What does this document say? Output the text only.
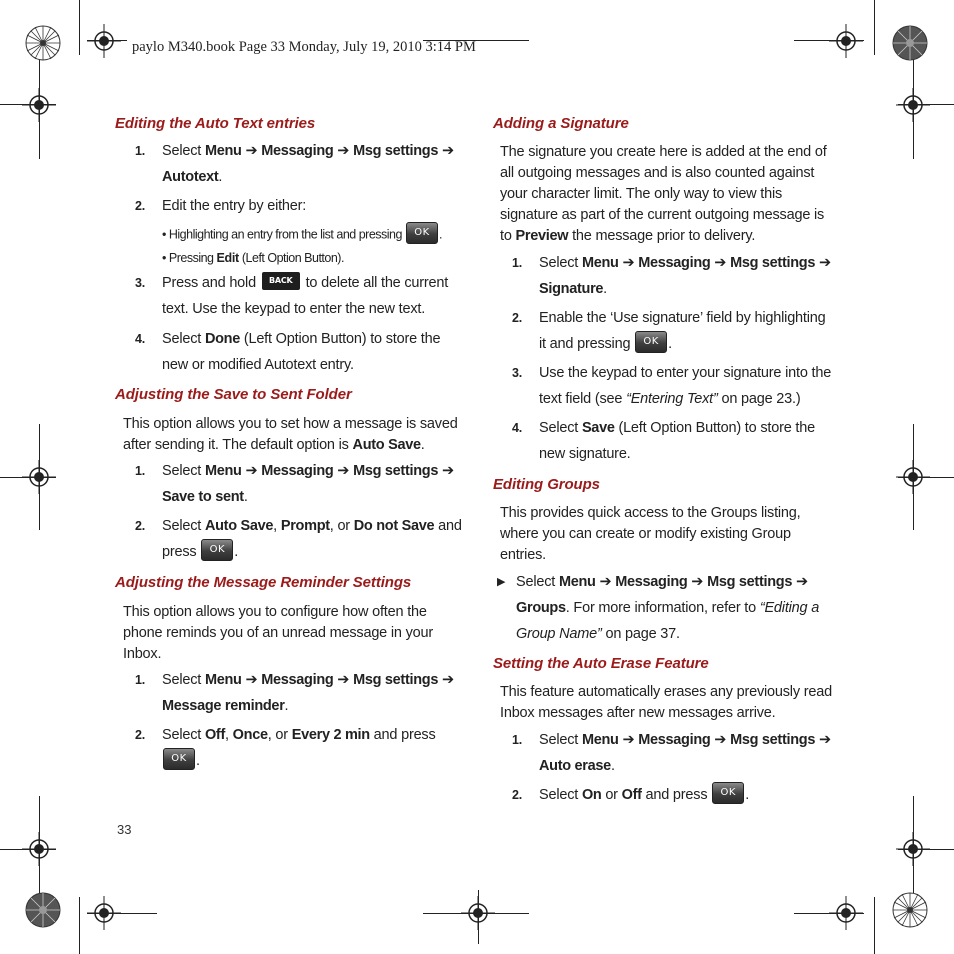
paylo M340.book Page 33 Monday, July 19, 2010 3:14 PM
Editing the Auto Text entries
1. Select Menu ➔ Messaging ➔ Msg settings ➔
Autotext.
2. Edit the entry by either:
• Highlighting an entry from the list and pressing OK .
• Pressing Edit (Left Option Button).
3. Press and hold BACK to delete all the current
text. Use the keypad to enter the new text.
4. Select Done (Left Option Button) to store the
new or modified Autotext entry.
Adjusting the Save to Sent Folder
This option allows you to set how a message is saved
after sending it. The default option is Auto Save.
1. Select Menu ➔ Messaging ➔ Msg settings ➔
Save to sent.
2. Select Auto Save, Prompt, or Do not Save and
press OK .
Adjusting the Message Reminder Settings
This option allows you to configure how often the phone reminds you of an unread message in your Inbox.
1. Select Menu ➔ Messaging ➔ Msg settings ➔
Message reminder.
2. Select Off, Once, or Every 2 min and press OK .
Adding a Signature
The signature you create here is added at the end of all outgoing messages and is also counted against your character limit. The only way to view this signature as part of the current outgoing message is to Preview the message prior to delivery.
1. Select Menu ➔ Messaging ➔ Msg settings ➔
Signature.
2. Enable the ‘Use signature’ field by highlighting
it and pressing OK .
3. Use the keypad to enter your signature into the
text field (see “Entering Text” on page 23.)
4. Select Save (Left Option Button) to store the
new signature.
Editing Groups
This provides quick access to the Groups listing, where you can create or modify existing Group entries.
▶ Select Menu ➔ Messaging ➔ Msg settings ➔
Groups. For more information, refer to “Editing a
Group Name” on page 37.
Setting the Auto Erase Feature
This feature automatically erases any previously read Inbox messages after new messages arrive.
1. Select Menu ➔ Messaging ➔ Msg settings ➔
Auto erase.
2. Select On or Off and press OK .
33
